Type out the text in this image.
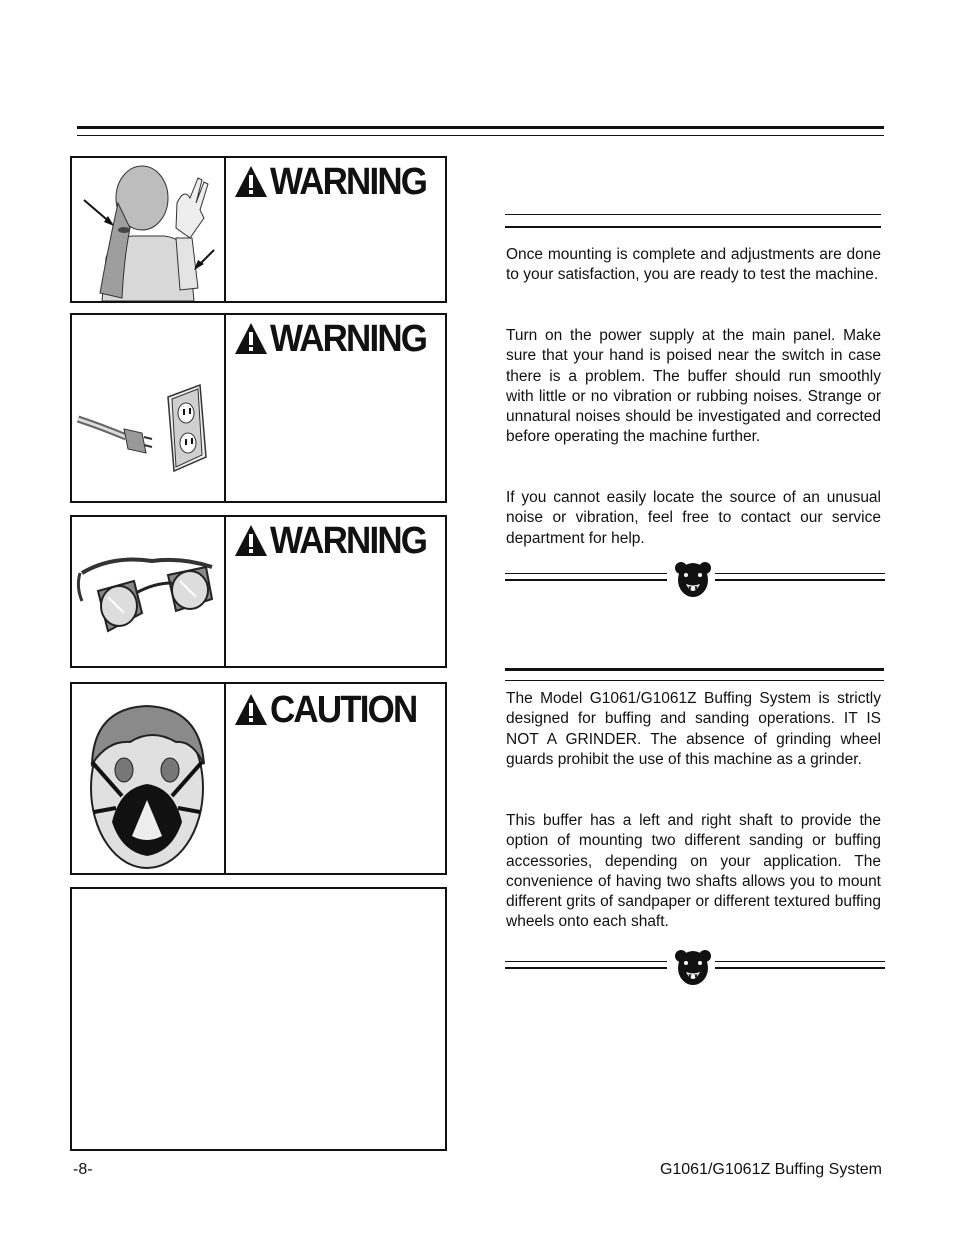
WARNING
WARNING
WARNING
CAUTION

Once mounting is complete and adjustments are done to your satisfaction, you are ready to test the machine.

Turn on the power supply at the main panel. Make sure that your hand is poised near the switch in case there is a problem. The buffer should run smoothly with little or no vibration or rubbing noises. Strange or unnatural noises should be investigated and corrected before operating the machine further.

If you cannot easily locate the source of an unusual noise or vibration, feel free to contact our service department for help.

The Model G1061/G1061Z Buffing System is strictly designed for buffing and sanding operations. IT IS NOT A GRINDER. The absence of grinding wheel guards prohibit the use of this machine as a grinder.

This buffer has a left and right shaft to provide the option of mounting two different sanding or buffing accessories, depending on your application. The convenience of having two shafts allows you to mount different grits of sandpaper or different textured buffing wheels onto each shaft.

-8-	G1061/G1061Z Buffing System
